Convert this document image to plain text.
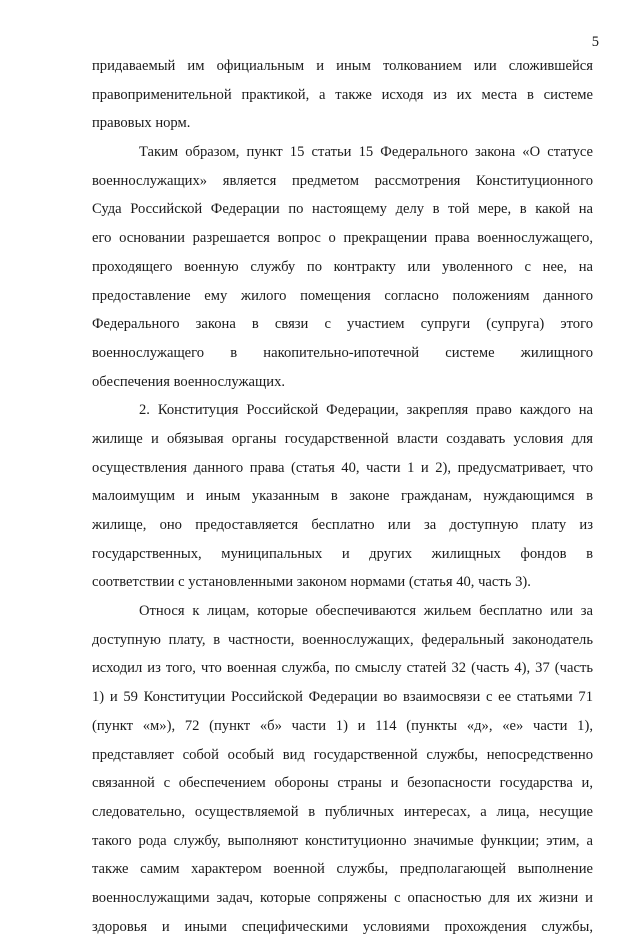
5
придаваемый им официальным и иным толкованием или сложившейся
правоприменительной практикой, а также исходя из их места в системе
правовых норм.
Таким образом, пункт 15 статьи 15 Федерального закона «О статусе
военнослужащих» является предметом рассмотрения Конституционного
Суда Российской Федерации по настоящему делу в той мере, в какой на
его основании разрешается вопрос о прекращении права военнослужащего,
проходящего военную службу по контракту или уволенного с нее, на
предоставление ему жилого помещения согласно положениям данного
Федерального закона в связи с участием супруги (супруга) этого
военнослужащего в накопительно-ипотечной системе жилищного
обеспечения военнослужащих.
2. Конституция Российской Федерации, закрепляя право каждого на
жилище и обязывая органы государственной власти создавать условия для
осуществления данного права (статья 40, части 1 и 2), предусматривает, что
малоимущим и иным указанным в законе гражданам, нуждающимся в
жилище, оно предоставляется бесплатно или за доступную плату из
государственных, муниципальных и других жилищных фондов в
соответствии с установленными законом нормами (статья 40, часть 3).
Относя к лицам, которые обеспечиваются жильем бесплатно или за
доступную плату, в частности, военнослужащих, федеральный законодатель
исходил из того, что военная служба, по смыслу статей 32 (часть 4), 37 (часть
1) и 59 Конституции Российской Федерации во взаимосвязи с ее статьями 71
(пункт «м»), 72 (пункт «б» части 1) и 114 (пункты «д», «е» части 1),
представляет собой особый вид государственной службы, непосредственно
связанной с обеспечением обороны страны и безопасности государства и,
следовательно, осуществляемой в публичных интересах, а лица, несущие
такого рода службу, выполняют конституционно значимые функции; этим, а
также самим характером военной службы, предполагающей выполнение
военнослужащими задач, которые сопряжены с опасностью для их жизни и
здоровья и иными специфическими условиями прохождения службы,
